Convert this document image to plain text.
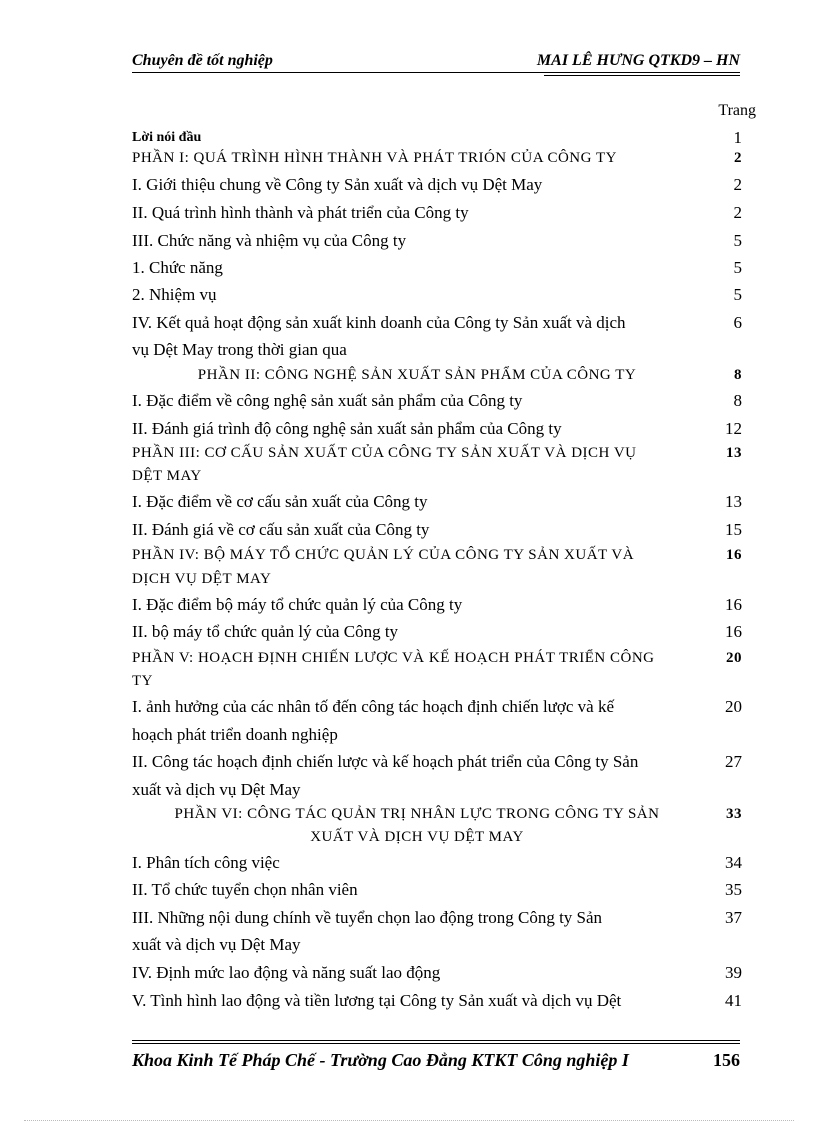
Chuyên đề tốt nghiệp	MAI LÊ HƯNG QTKD9 – HN
Trang
Lời nói đầu	1
PHẦN I: QUÁ TRÌNH HÌNH THÀNH VÀ PHÁT TRIÓN CỦA CÔNG TY	2
I. Giới thiệu chung về Công ty Sản xuất và dịch vụ Dệt May	2
II. Quá trình hình thành và phát triển của Công ty	2
III. Chức năng và nhiệm vụ của Công ty	5
1. Chức năng	5
2. Nhiệm vụ	5
IV. Kết quả hoạt động sản xuất kinh doanh của Công ty Sản xuất và dịch	6
vụ Dệt May trong thời gian qua
PHẦN II: CÔNG NGHỆ SẢN XUẤT SẢN PHẨM CỦA CÔNG TY	8
I. Đặc điểm về công nghệ sản xuất sản phẩm của Công ty	8
II. Đánh giá trình độ công nghệ sản xuất sản phẩm của Công ty	12
PHẦN III: CƠ CẤU SẢN XUẤT CỦA CÔNG TY SẢN XUẤT VÀ DỊCH VỤ	13
DỆT MAY
I. Đặc điểm về cơ cấu sản xuất của Công ty	13
II. Đánh giá về cơ cấu sản xuất của Công ty	15
PHẦN IV: BỘ MÁY TỔ CHỨC QUẢN LÝ CỦA CÔNG TY SẢN XUẤT VÀ	16
DỊCH VỤ DỆT MAY
I. Đặc điểm bộ máy tổ chức quản lý của Công ty	16
II. bộ máy tổ chức quản lý của Công ty	16
PHẦN V: HOẠCH ĐỊNH CHIẾN LƯỢC VÀ KẾ HOẠCH PHÁT TRIỂN CÔNG	20
TY
I. ảnh hưởng của các nhân tố đến công tác hoạch định chiến lược và kế	20
hoạch phát triển doanh nghiệp
II. Công tác hoạch định chiến lược và kế hoạch phát triển của Công ty Sản	27
xuất và dịch vụ Dệt May
PHẦN VI: CÔNG TÁC QUẢN TRỊ NHÂN LỰC TRONG CÔNG TY SẢN	33
XUẤT VÀ DỊCH VỤ DỆT MAY
I. Phân tích công việc	34
II. Tổ chức tuyển chọn nhân viên	35
III. Những nội dung chính về tuyển chọn lao động trong Công ty Sản	37
xuất và dịch vụ Dệt May
IV. Định mức lao động và năng suất lao động	39
V. Tình hình lao động và tiền lương tại Công ty Sản xuất và dịch vụ Dệt	41
Khoa Kinh Tế Pháp Chế - Trường Cao Đẳng KTKT Công nghiệp I	156
